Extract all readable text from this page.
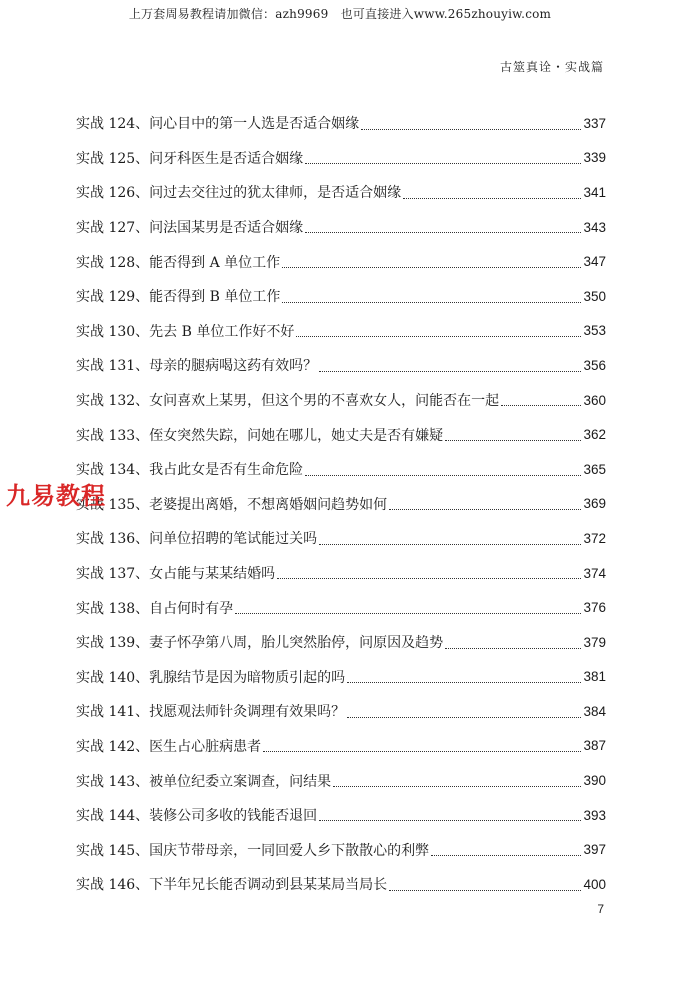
上万套周易教程请加微信：azh9969　也可直接进入www.265zhouyiw.com
古筮真诠・实战篇
实战 124、问心目中的第一人选是否适合姻缘	337
实战 125、问牙科医生是否适合姻缘	339
实战 126、问过去交往过的犹太律师，是否适合姻缘	341
实战 127、问法国某男是否适合姻缘	343
实战 128、能否得到 A 单位工作	347
实战 129、能否得到 B 单位工作	350
实战 130、先去 B 单位工作好不好	353
实战 131、母亲的腿病喝这药有效吗？	356
实战 132、女问喜欢上某男，但这个男的不喜欢女人，问能否在一起	360
实战 133、侄女突然失踪，问她在哪儿，她丈夫是否有嫌疑	362
实战 134、我占此女是否有生命危险	365
实战 135、老婆提出离婚，不想离婚姻问趋势如何	369
实战 136、问单位招聘的笔试能过关吗	372
实战 137、女占能与某某结婚吗	374
实战 138、自占何时有孕	376
实战 139、妻子怀孕第八周，胎儿突然胎停，问原因及趋势	379
实战 140、乳腺结节是因为暗物质引起的吗	381
实战 141、找愿观法师针灸调理有效果吗？	384
实战 142、医生占心脏病患者	387
实战 143、被单位纪委立案调查，问结果	390
实战 144、装修公司多收的钱能否退回	393
实战 145、国庆节带母亲，一同回爱人乡下散散心的利弊	397
实战 146、下半年兄长能否调动到县某某局当局长	400
九易教程
7
